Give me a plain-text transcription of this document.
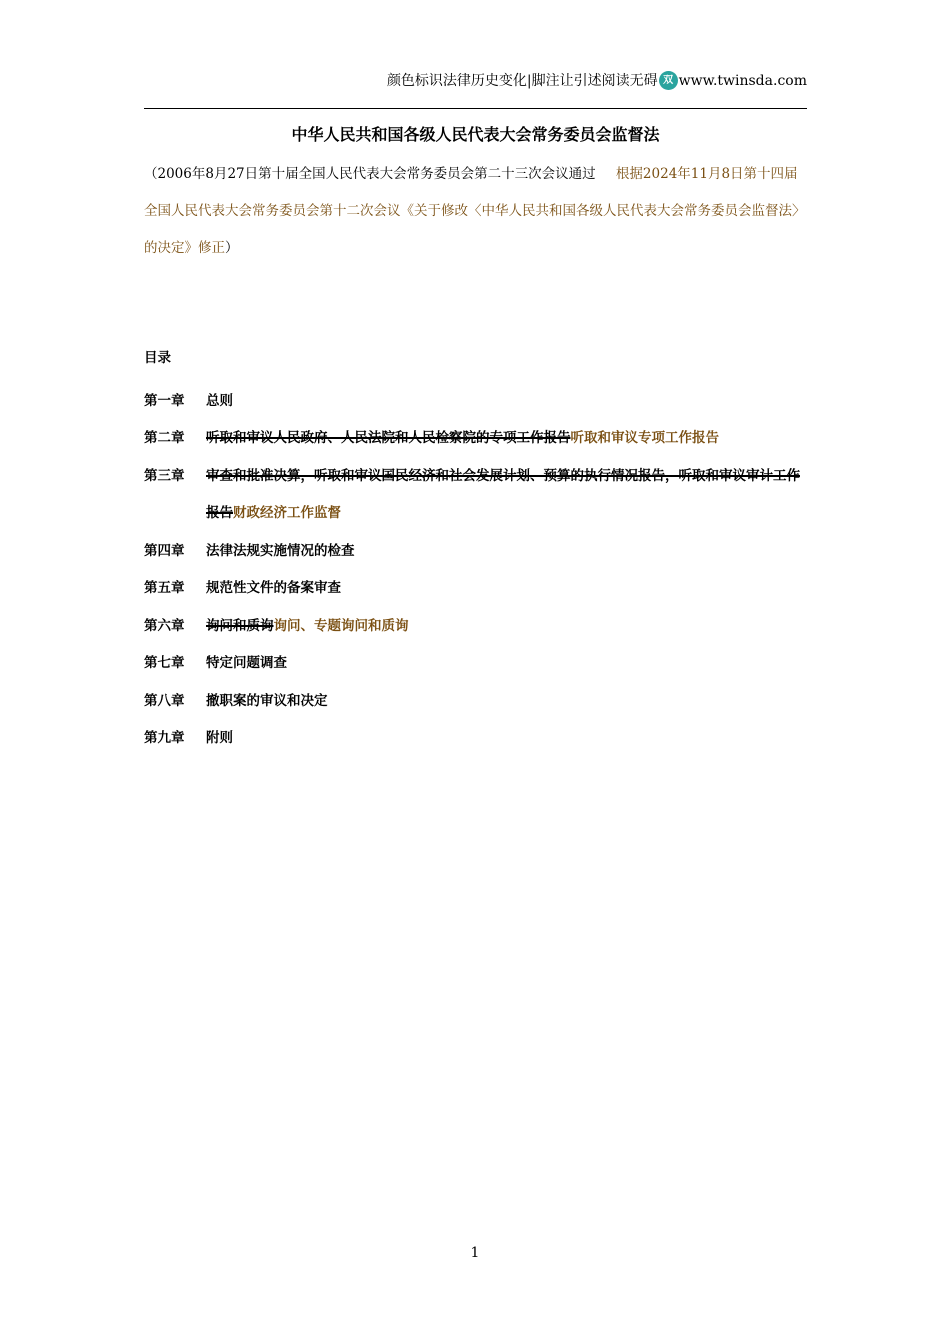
颜色标识法律历史变化|脚注让引述阅读无碍 双 www.twinsda.com
中华人民共和国各级人民代表大会常务委员会监督法
（2006年8月27日第十届全国人民代表大会常务委员会第二十三次会议通过 根据2024年11月8日第十四届全国人民代表大会常务委员会第十二次会议《关于修改〈中华人民共和国各级人民代表大会常务委员会监督法〉的决定》修正）
目录
第一章	总则
第二章	听取和审议人民政府、人民法院和人民检察院的专项工作报告听取和审议专项工作报告
第三章	审查和批准决算，听取和审议国民经济和社会发展计划、预算的执行情况报告，听取和审议审计工作报告财政经济工作监督
第四章	法律法规实施情况的检查
第五章	规范性文件的备案审查
第六章	询问和质询询问、专题询问和质询
第七章	特定问题调查
第八章	撤职案的审议和决定
第九章	附则
1
